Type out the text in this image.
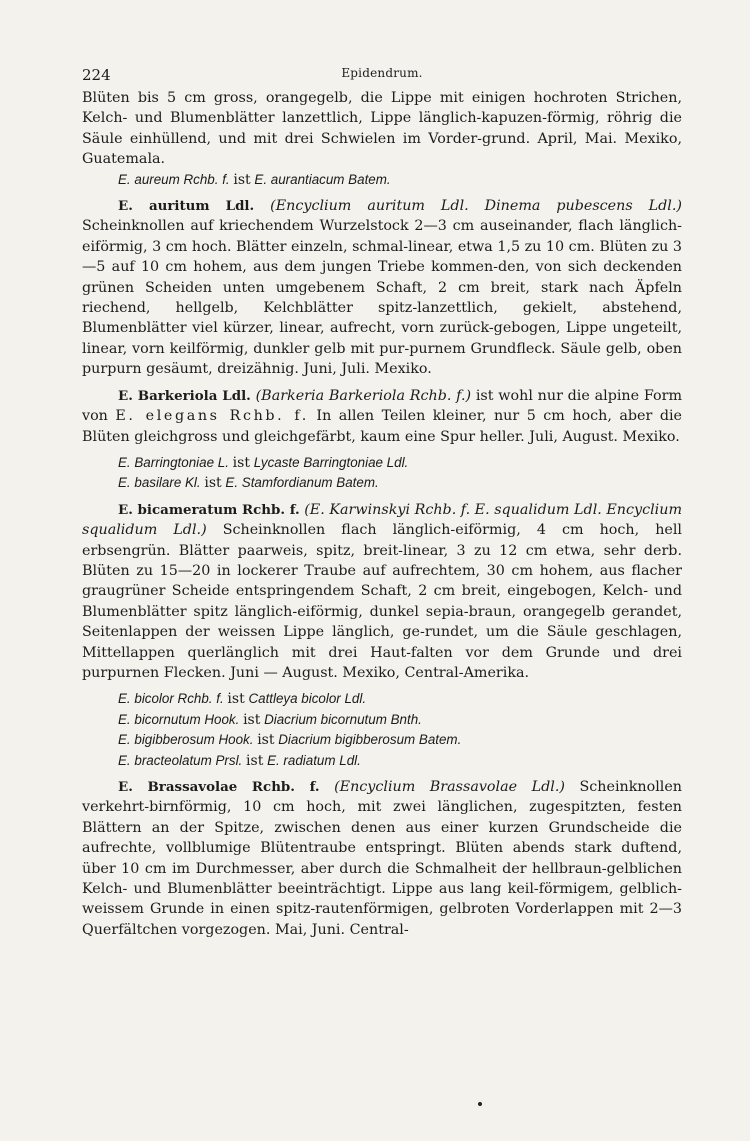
224	Epidendrum.

Blüten bis 5 cm gross, orangegelb, die Lippe mit einigen hochroten Strichen, Kelch- und Blumenblätter lanzettlich, Lippe länglich-kapuzen-förmig, röhrig die Säule einhüllend, und mit drei Schwielen im Vorder-grund. April, Mai. Mexiko, Guatemala.

E. aureum Rchb. f. ist E. aurantiacum Batem.

E. auritum Ldl. (Encyclium auritum Ldl. Dinema pubescens Ldl.) Scheinknollen auf kriechendem Wurzelstock 2—3 cm auseinander, flach länglich-eiförmig, 3 cm hoch. Blätter einzeln, schmal-linear, etwa 1,5 zu 10 cm. Blüten zu 3—5 auf 10 cm hohem, aus dem jungen Triebe kommen-den, von sich deckenden grünen Scheiden unten umgebenem Schaft, 2 cm breit, stark nach Äpfeln riechend, hellgelb, Kelchblätter spitz-lanzettlich, gekielt, abstehend, Blumenblätter viel kürzer, linear, aufrecht, vorn zurück-gebogen, Lippe ungeteilt, linear, vorn keilförmig, dunkler gelb mit pur-purnem Grundfleck. Säule gelb, oben purpurn gesäumt, dreizähnig. Juni, Juli. Mexiko.

E. Barkeriola Ldl. (Barkeria Barkeriola Rchb. f.) ist wohl nur die alpine Form von E. elegans Rchb. f. In allen Teilen kleiner, nur 5 cm hoch, aber die Blüten gleichgross und gleichgefärbt, kaum eine Spur heller. Juli, August. Mexiko.

E. Barringtoniae L. ist Lycaste Barringtoniae Ldl.

E. basilare Kl. ist E. Stamfordianum Batem.

E. bicameratum Rchb. f. (E. Karwinskyi Rchb. f. E. squalidum Ldl. Encyclium squalidum Ldl.) Scheinknollen flach länglich-eiförmig, 4 cm hoch, hell erbsengrün. Blätter paarweis, spitz, breit-linear, 3 zu 12 cm etwa, sehr derb. Blüten zu 15—20 in lockerer Traube auf aufrechtem, 30 cm hohem, aus flacher graugrüner Scheide entspringendem Schaft, 2 cm breit, eingebogen, Kelch- und Blumenblätter spitz länglich-eiförmig, dunkel sepia-braun, orangegelb gerandet, Seitenlappen der weissen Lippe länglich, ge-rundet, um die Säule geschlagen, Mittellappen querlänglich mit drei Haut-falten vor dem Grunde und drei purpurnen Flecken. Juni — August. Mexiko, Central-Amerika.

E. bicolor Rchb. f. ist Cattleya bicolor Ldl.

E. bicornutum Hook. ist Diacrium bicornutum Bnth.

E. bigibberosum Hook. ist Diacrium bigibberosum Batem.

E. bracteolatum Prsl. ist E. radiatum Ldl.

E. Brassavolae Rchb. f. (Encyclium Brassavolae Ldl.) Scheinknollen verkehrt-birnförmig, 10 cm hoch, mit zwei länglichen, zugespitzten, festen Blättern an der Spitze, zwischen denen aus einer kurzen Grundscheide die aufrechte, vollblumige Blütentraube entspringt. Blüten abends stark duftend, über 10 cm im Durchmesser, aber durch die Schmalheit der hellbraun-gelblichen Kelch- und Blumenblätter beeinträchtigt. Lippe aus lang keil-förmigem, gelblich-weissem Grunde in einen spitz-rautenförmigen, gelbroten Vorderlappen mit 2—3 Querfältchen vorgezogen. Mai, Juni. Central-
